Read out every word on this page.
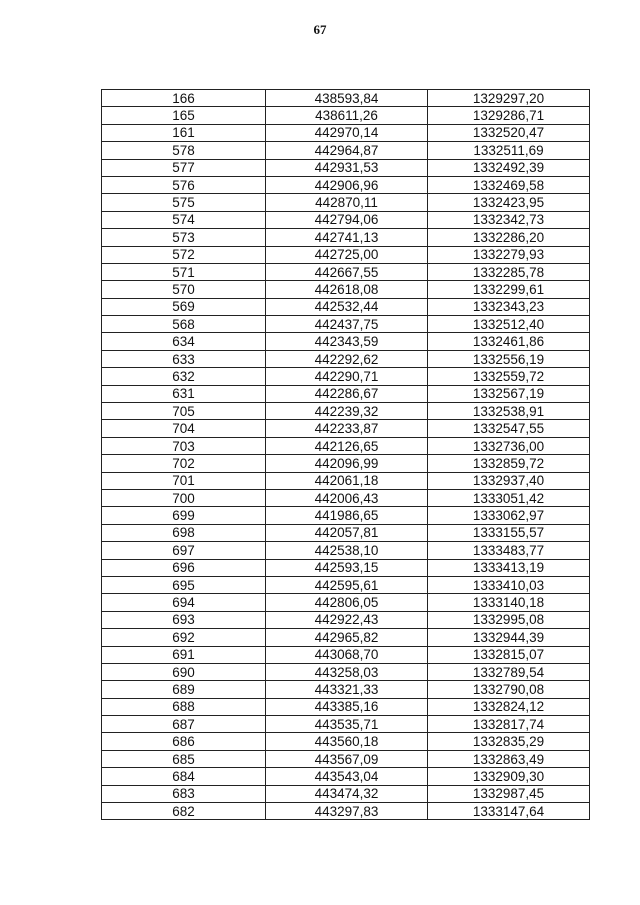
67
166	438593,84	1329297,20
165	438611,26	1329286,71
161	442970,14	1332520,47
578	442964,87	1332511,69
577	442931,53	1332492,39
576	442906,96	1332469,58
575	442870,11	1332423,95
574	442794,06	1332342,73
573	442741,13	1332286,20
572	442725,00	1332279,93
571	442667,55	1332285,78
570	442618,08	1332299,61
569	442532,44	1332343,23
568	442437,75	1332512,40
634	442343,59	1332461,86
633	442292,62	1332556,19
632	442290,71	1332559,72
631	442286,67	1332567,19
705	442239,32	1332538,91
704	442233,87	1332547,55
703	442126,65	1332736,00
702	442096,99	1332859,72
701	442061,18	1332937,40
700	442006,43	1333051,42
699	441986,65	1333062,97
698	442057,81	1333155,57
697	442538,10	1333483,77
696	442593,15	1333413,19
695	442595,61	1333410,03
694	442806,05	1333140,18
693	442922,43	1332995,08
692	442965,82	1332944,39
691	443068,70	1332815,07
690	443258,03	1332789,54
689	443321,33	1332790,08
688	443385,16	1332824,12
687	443535,71	1332817,74
686	443560,18	1332835,29
685	443567,09	1332863,49
684	443543,04	1332909,30
683	443474,32	1332987,45
682	443297,83	1333147,64
